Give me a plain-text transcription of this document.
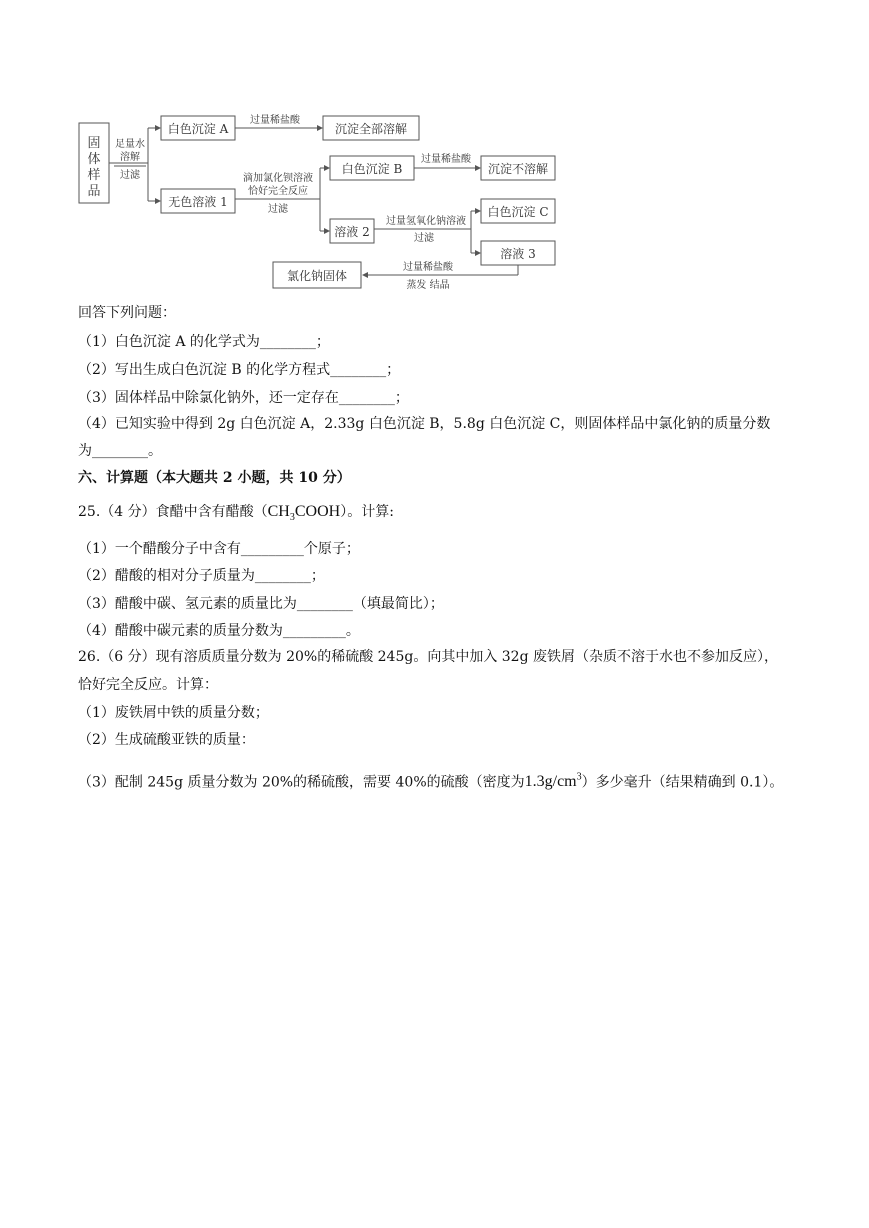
固
体
样
品
足量水
溶解
过滤
白色沉淀 A
过量稀盐酸
沉淀全部溶解
无色溶液 1
滴加氯化钡溶液
恰好完全反应
过滤
白色沉淀 B
过量稀盐酸
沉淀不溶解
溶液 2
过量氢氧化钠溶液
过滤
白色沉淀 C
溶液 3
过量稀盐酸
蒸发 结晶
氯化钠固体
回答下列问题：
（1）白色沉淀 A 的化学式为________；
（2）写出生成白色沉淀 B 的化学方程式________；
（3）固体样品中除氯化钠外，还一定存在________；
（4）已知实验中得到 2g 白色沉淀 A，2.33g 白色沉淀 B，5.8g 白色沉淀 C，则固体样品中氯化钠的质量分数
为________。
六、计算题（本大题共 2 小题，共 10 分）
25.（4 分）食醋中含有醋酸$(CH_3COOH)$。计算:
（1）一个醋酸分子中含有_________个原子；
（2）醋酸的相对分子质量为________；
（3）醋酸中碳、氢元素的质量比为________（填最简比）；
（4）醋酸中碳元素的质量分数为_________。
26.（6 分）现有溶质质量分数为 20%的稀硫酸 245g。向其中加入 32g 废铁屑（杂质不溶于水也不参加反应），
恰好完全反应。计算：
（1）废铁屑中铁的质量分数；
（2）生成硫酸亚铁的质量：
（3）配制 245g 质量分数为 20%的稀硫酸，需要 40%的硫酸（密度为$1.3g/cm^3$）多少毫升（结果精确到 0.1）。
